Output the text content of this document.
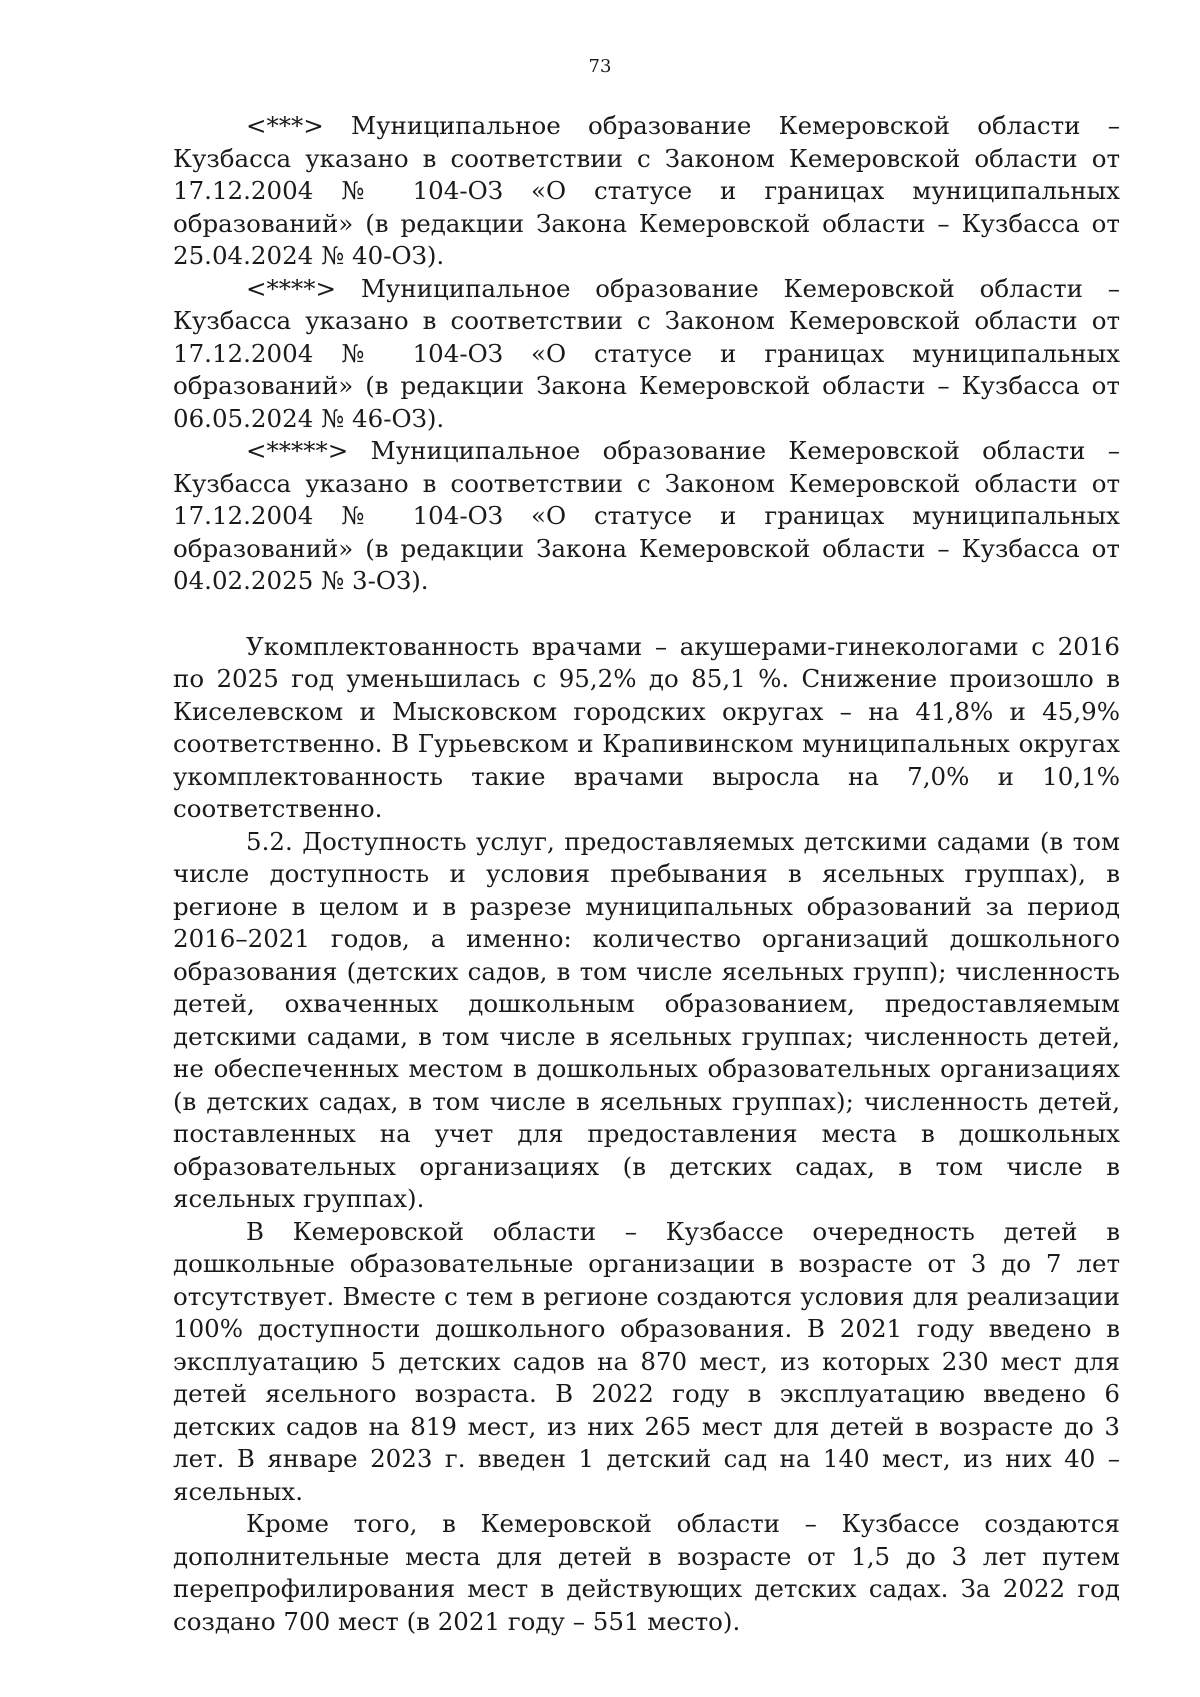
73

<***> Муниципальное образование Кемеровской области – Кузбасса указано в соответствии с Законом Кемеровской области от 17.12.2004 № 104-ОЗ «О статусе и границах муниципальных образований» (в редакции Закона Кемеровской области – Кузбасса от 25.04.2024 № 40-ОЗ).

<****> Муниципальное образование Кемеровской области – Кузбасса указано в соответствии с Законом Кемеровской области от 17.12.2004 № 104-ОЗ «О статусе и границах муниципальных образований» (в редакции Закона Кемеровской области – Кузбасса от 06.05.2024 № 46-ОЗ).

<*****> Муниципальное образование Кемеровской области – Кузбасса указано в соответствии с Законом Кемеровской области от 17.12.2004 № 104-ОЗ «О статусе и границах муниципальных образований» (в редакции Закона Кемеровской области – Кузбасса от 04.02.2025 № 3-ОЗ).

Укомплектованность врачами – акушерами-гинекологами с 2016 по 2025 год уменьшилась с 95,2% до 85,1 %. Снижение произошло в Киселевском и Мысковском городских округах – на 41,8% и 45,9% соответственно. В Гурьевском и Крапивинском муниципальных округах укомплектованность такие врачами выросла на 7,0% и 10,1% соответственно.

5.2. Доступность услуг, предоставляемых детскими садами (в том числе доступность и условия пребывания в ясельных группах), в регионе в целом и в разрезе муниципальных образований за период 2016–2021 годов, а именно: количество организаций дошкольного образования (детских садов, в том числе ясельных групп); численность детей, охваченных дошкольным образованием, предоставляемым детскими садами, в том числе в ясельных группах; численность детей, не обеспеченных местом в дошкольных образовательных организациях (в детских садах, в том числе в ясельных группах); численность детей, поставленных на учет для предоставления места в дошкольных образовательных организациях (в детских садах, в том числе в ясельных группах).

В Кемеровской области – Кузбассе очередность детей в дошкольные образовательные организации в возрасте от 3 до 7 лет отсутствует. Вместе с тем в регионе создаются условия для реализации 100% доступности дошкольного образования. В 2021 году введено в эксплуатацию 5 детских садов на 870 мест, из которых 230 мест для детей ясельного возраста. В 2022 году в эксплуатацию введено 6 детских садов на 819 мест, из них 265 мест для детей в возрасте до 3 лет. В январе 2023 г. введен 1 детский сад на 140 мест, из них 40 – ясельных.

Кроме того, в Кемеровской области – Кузбассе создаются дополнительные места для детей в возрасте от 1,5 до 3 лет путем перепрофилирования мест в действующих детских садах. За 2022 год создано 700 мест (в 2021 году – 551 место).
